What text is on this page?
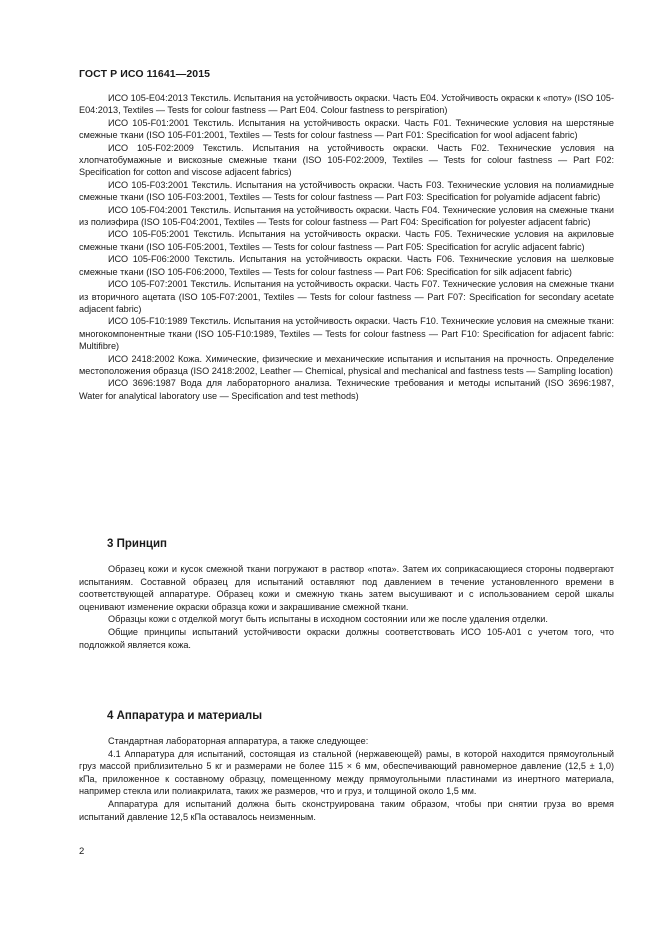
ГОСТ Р ИСО 11641—2015

ИСО 105-E04:2013 Текстиль. Испытания на устойчивость окраски. Часть E04. Устойчивость окраски к «поту» (ISO 105-E04:2013, Textiles — Tests for colour fastness — Part E04. Colour fastness to perspiration)

ИСО 105-F01:2001 Текстиль. Испытания на устойчивость окраски. Часть F01. Технические условия на шерстяные смежные ткани (ISO 105-F01:2001, Textiles — Tests for colour fastness — Part F01: Specification for wool adjacent fabric)

ИСО 105-F02:2009 Текстиль. Испытания на устойчивость окраски. Часть F02. Технические условия на хлопчатобумажные и вискозные смежные ткани (ISO 105-F02:2009, Textiles — Tests for colour fastness — Part F02: Specification for cotton and viscose adjacent fabrics)

ИСО 105-F03:2001 Текстиль. Испытания на устойчивость окраски. Часть F03. Технические условия на полиамидные смежные ткани (ISO 105-F03:2001, Textiles — Tests for colour fastness — Part F03: Specification for polyamide adjacent fabric)

ИСО 105-F04:2001 Текстиль. Испытания на устойчивость окраски. Часть F04. Технические условия на смежные ткани из полиэфира (ISO 105-F04:2001, Textiles — Tests for colour fastness — Part F04: Specification for polyester adjacent fabric)

ИСО 105-F05:2001 Текстиль. Испытания на устойчивость окраски. Часть F05. Технические условия на акриловые смежные ткани (ISO 105-F05:2001, Textiles — Tests for colour fastness — Part F05: Specification for acrylic adjacent fabric)

ИСО 105-F06:2000 Текстиль. Испытания на устойчивость окраски. Часть F06. Технические условия на шелковые смежные ткани (ISO 105-F06:2000, Textiles — Tests for colour fastness — Part F06: Specification for silk adjacent fabric)

ИСО 105-F07:2001 Текстиль. Испытания на устойчивость окраски. Часть F07. Технические условия на смежные ткани из вторичного ацетата (ISO 105-F07:2001, Textiles — Tests for colour fastness — Part F07: Specification for secondary acetate adjacent fabric)

ИСО 105-F10:1989 Текстиль. Испытания на устойчивость окраски. Часть F10. Технические условия на смежные ткани: многокомпонентные ткани (ISO 105-F10:1989, Textiles — Tests for colour fastness — Part F10: Specification for adjacent fabric: Multifibre)

ИСО 2418:2002 Кожа. Химические, физические и механические испытания и испытания на прочность. Определение местоположения образца (ISO 2418:2002, Leather — Chemical, physical and mechanical and fastness tests — Sampling location)

ИСО 3696:1987 Вода для лабораторного анализа. Технические требования и методы испытаний (ISO 3696:1987, Water for analytical laboratory use — Specification and test methods)

3 Принцип

Образец кожи и кусок смежной ткани погружают в раствор «пота». Затем их соприкасающиеся стороны подвергают испытаниям. Составной образец для испытаний оставляют под давлением в течение установленного времени в соответствующей аппаратуре. Образец кожи и смежную ткань затем высушивают и с использованием серой шкалы оценивают изменение окраски образца кожи и закрашивание смежной ткани.

Образцы кожи с отделкой могут быть испытаны в исходном состоянии или же после удаления отделки.

Общие принципы испытаний устойчивости окраски должны соответствовать ИСО 105-A01 с учетом того, что подложкой является кожа.

4 Аппаратура и материалы

Стандартная лабораторная аппаратура, а также следующее:

4.1 Аппаратура для испытаний, состоящая из стальной (нержавеющей) рамы, в которой находится прямоугольный груз массой приблизительно 5 кг и размерами не более 115 × 6 мм, обеспечивающий равномерное давление (12,5 ± 1,0) кПа, приложенное к составному образцу, помещенному между прямоугольными пластинами из инертного материала, например стекла или полиакрилата, таких же размеров, что и груз, и толщиной около 1,5 мм.

Аппаратура для испытаний должна быть сконструирована таким образом, чтобы при снятии груза во время испытаний давление 12,5 кПа оставалось неизменным.

2
